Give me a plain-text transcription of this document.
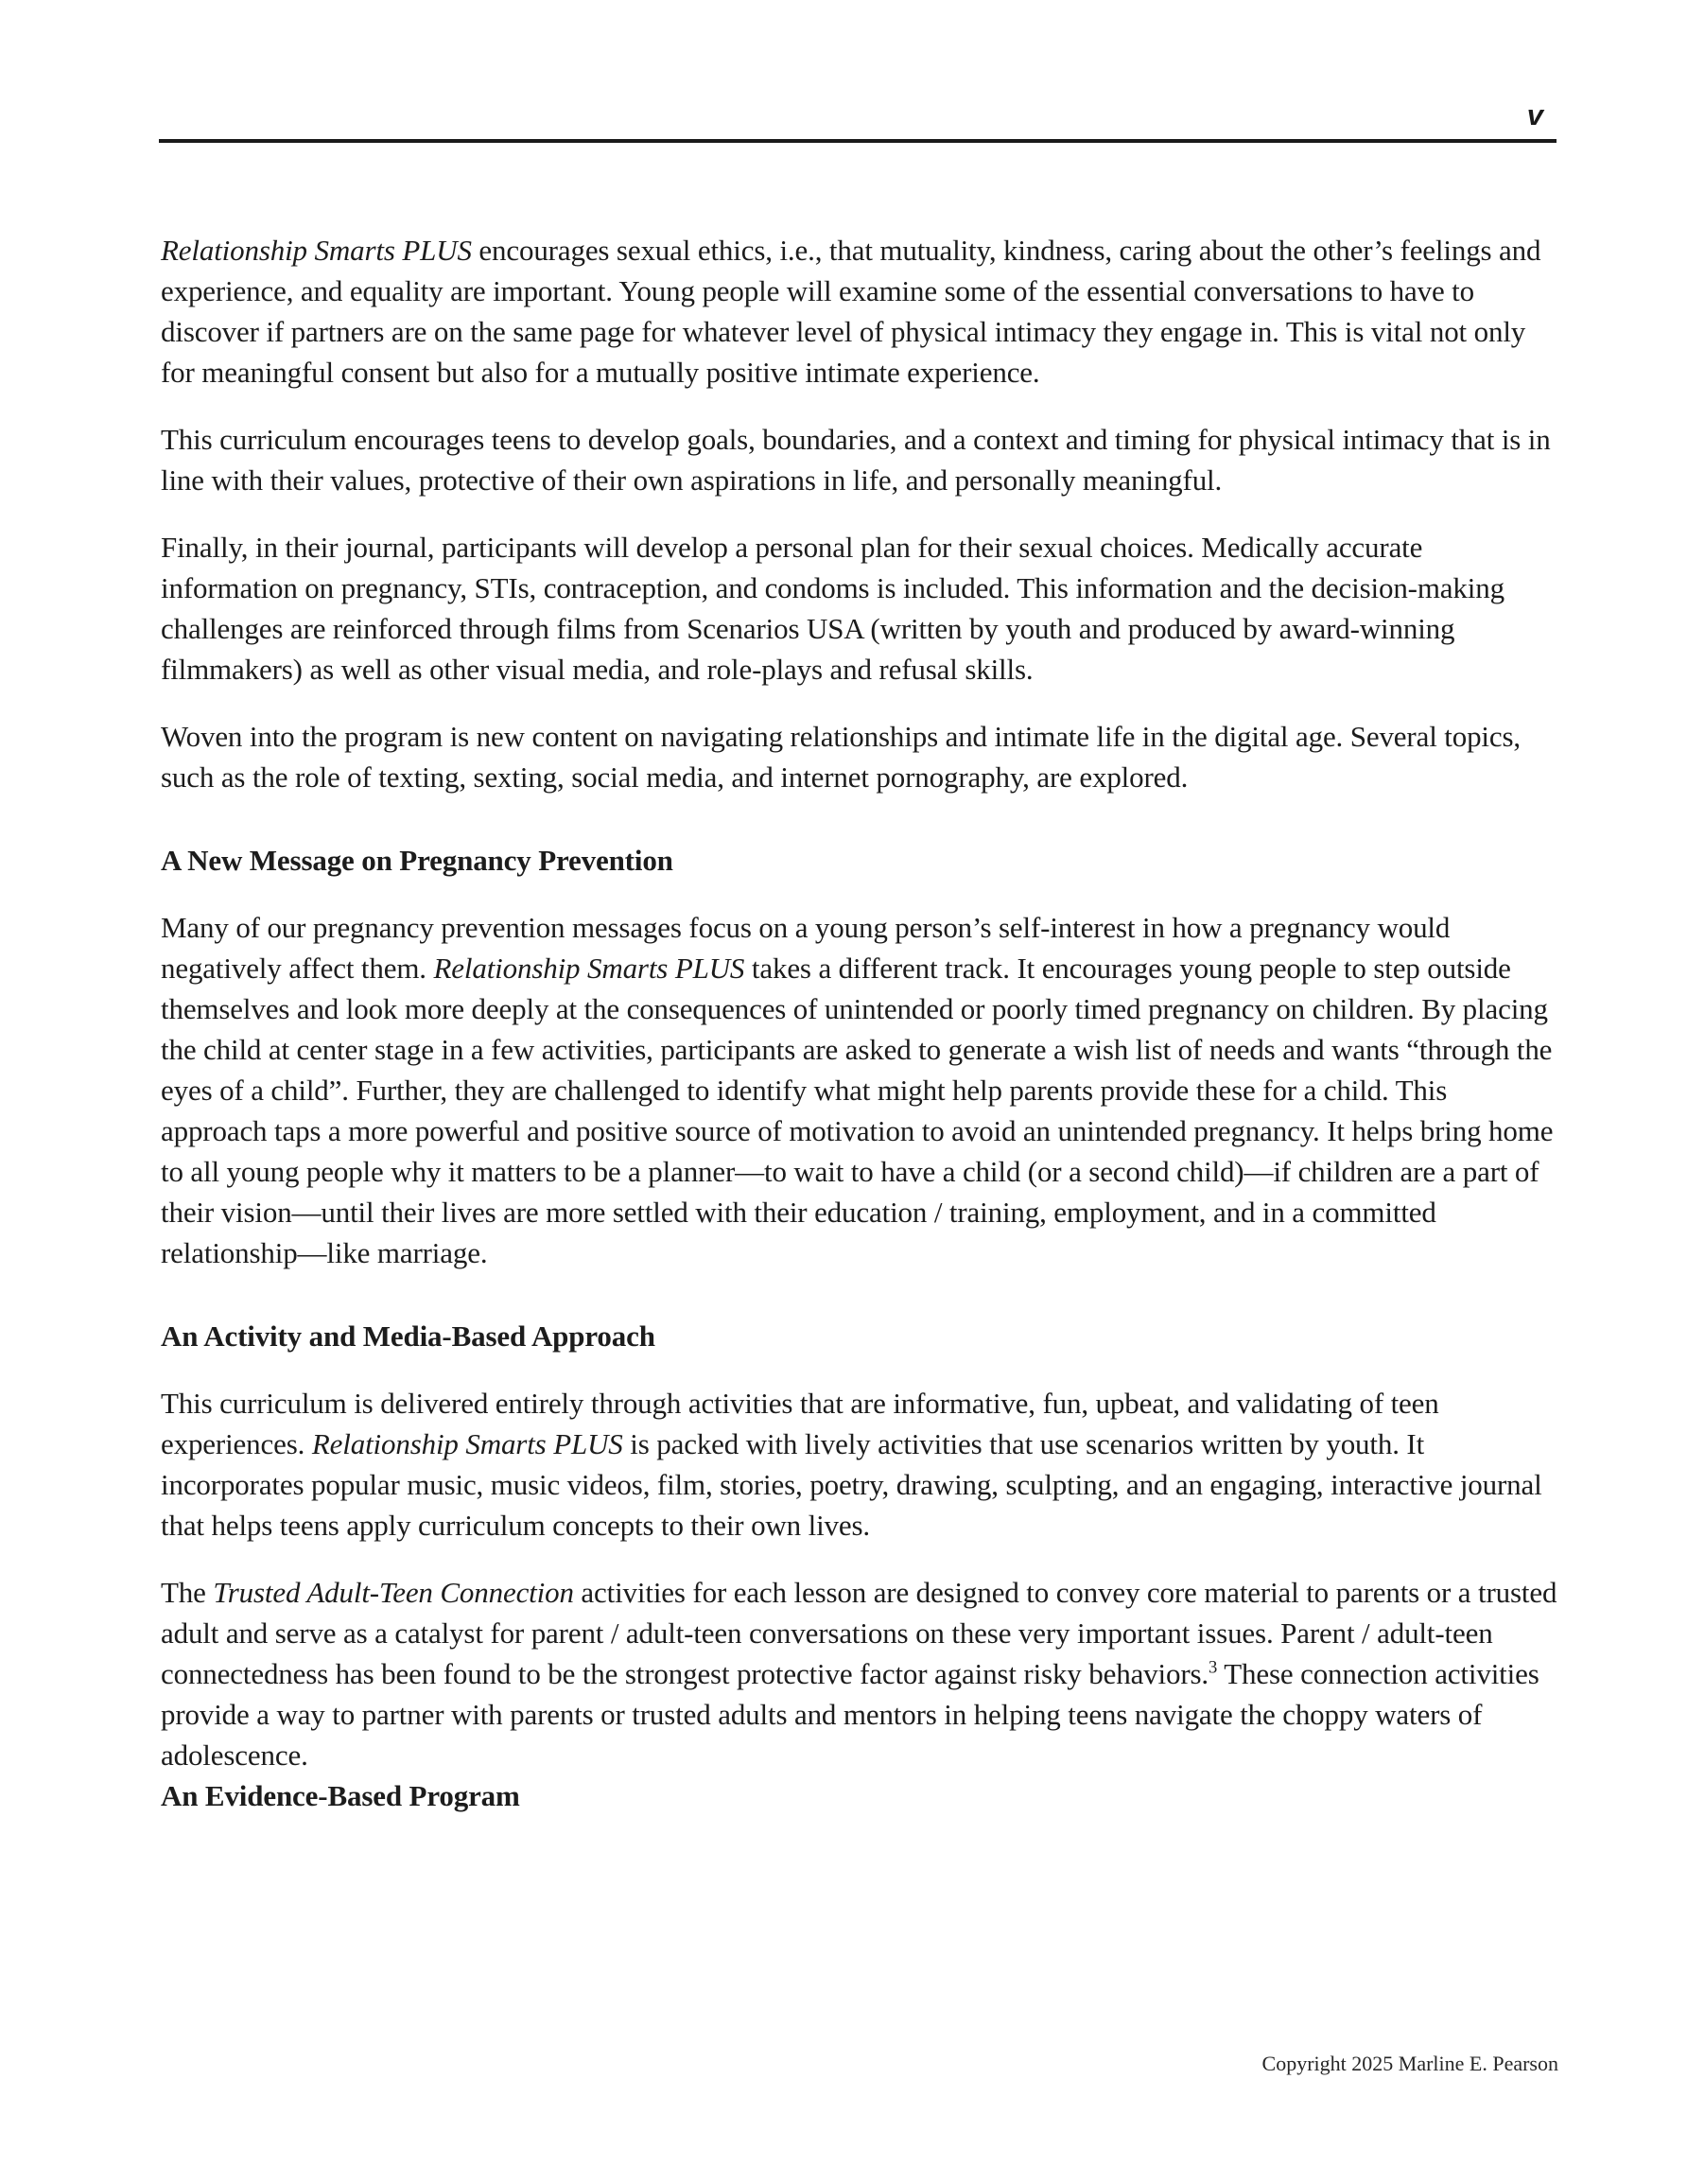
v

Relationship Smarts PLUS encourages sexual ethics, i.e., that mutuality, kindness, caring about the other’s feelings and experience, and equality are important. Young people will examine some of the essential conversations to have to discover if partners are on the same page for whatever level of physical intimacy they engage in. This is vital not only for meaningful consent but also for a mutually positive intimate experience.

This curriculum encourages teens to develop goals, boundaries, and a context and timing for physical intimacy that is in line with their values, protective of their own aspirations in life, and personally meaningful.

Finally, in their journal, participants will develop a personal plan for their sexual choices. Medically accurate information on pregnancy, STIs, contraception, and condoms is included. This information and the decision-making challenges are reinforced through films from Scenarios USA (written by youth and produced by award-winning filmmakers) as well as other visual media, and role-plays and refusal skills.

Woven into the program is new content on navigating relationships and intimate life in the digital age. Several topics, such as the role of texting, sexting, social media, and internet pornography, are explored.

A New Message on Pregnancy Prevention

Many of our pregnancy prevention messages focus on a young person’s self-interest in how a pregnancy would negatively affect them. Relationship Smarts PLUS takes a different track. It encourages young people to step outside themselves and look more deeply at the consequences of unintended or poorly timed pregnancy on children. By placing the child at center stage in a few activities, participants are asked to generate a wish list of needs and wants “through the eyes of a child”. Further, they are challenged to identify what might help parents provide these for a child. This approach taps a more powerful and positive source of motivation to avoid an unintended pregnancy. It helps bring home to all young people why it matters to be a planner—to wait to have a child (or a second child)—if children are a part of their vision—until their lives are more settled with their education / training, employment, and in a committed relationship—like marriage.

An Activity and Media-Based Approach

This curriculum is delivered entirely through activities that are informative, fun, upbeat, and validating of teen experiences. Relationship Smarts PLUS is packed with lively activities that use scenarios written by youth. It incorporates popular music, music videos, film, stories, poetry, drawing, sculpting, and an engaging, interactive journal that helps teens apply curriculum concepts to their own lives.

The Trusted Adult-Teen Connection activities for each lesson are designed to convey core material to parents or a trusted adult and serve as a catalyst for parent / adult-teen conversations on these very important issues. Parent / adult-teen connectedness has been found to be the strongest protective factor against risky behaviors.$^3$ These connection activities provide a way to partner with parents or trusted adults and mentors in helping teens navigate the choppy waters of adolescence.

An Evidence-Based Program
Copyright 2025 Marline E. Pearson
